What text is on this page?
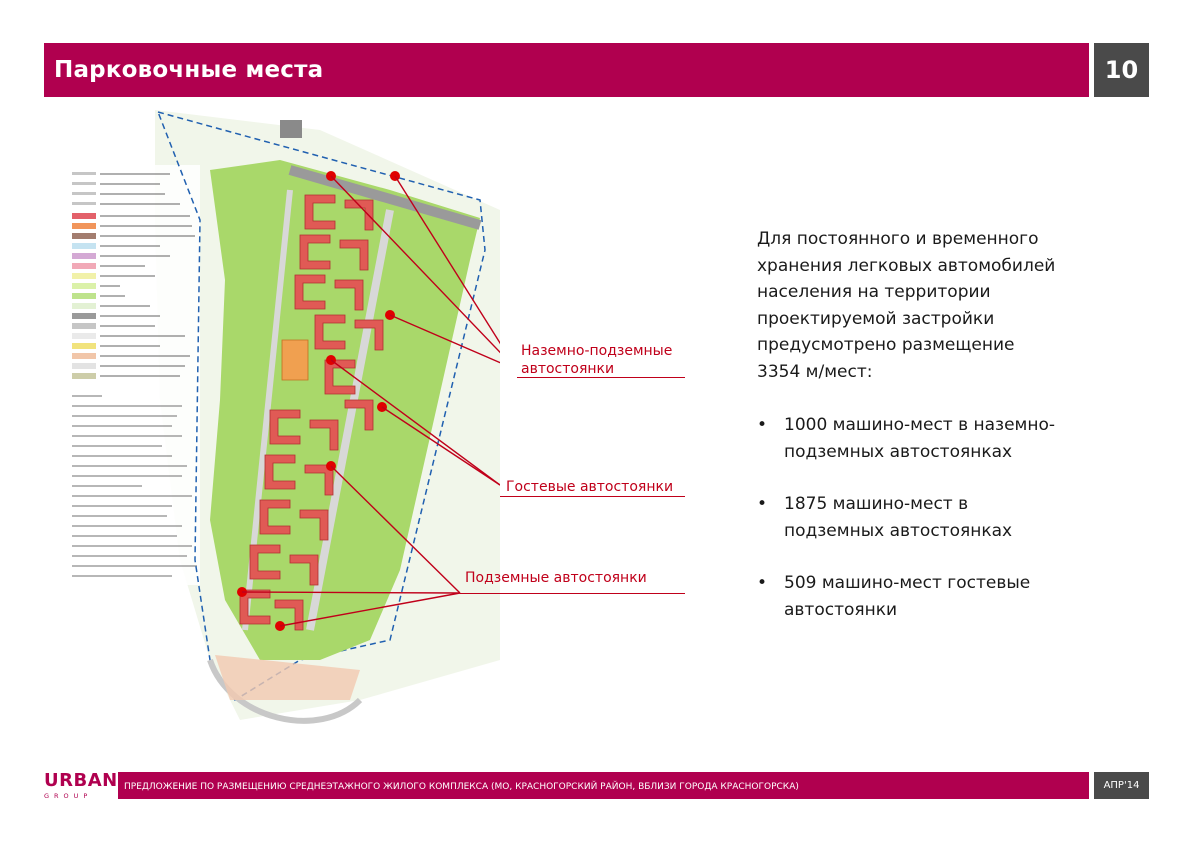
Парковочные места	10
Наземно-подземные
автостоянки
Гостевые автостоянки
Подземные автостоянки
Для постоянного и временного
хранения легковых автомобилей
населения на территории
проектируемой застройки
предусмотрено размещение
3354 м/мест:
• 1000 машино-мест в наземно-
подземных автостоянках
• 1875 машино-мест в
подземных автостоянках
• 509 машино-мест гостевые
автостоянки
URBAN
GROUP
ПРЕДЛОЖЕНИЕ ПО РАЗМЕЩЕНИЮ СРЕДНЕЭТАЖНОГО ЖИЛОГО КОМПЛЕКСА (МО, КРАСНОГОРСКИЙ РАЙОН, ВБЛИЗИ ГОРОДА КРАСНОГОРСКА)	АПР'14
